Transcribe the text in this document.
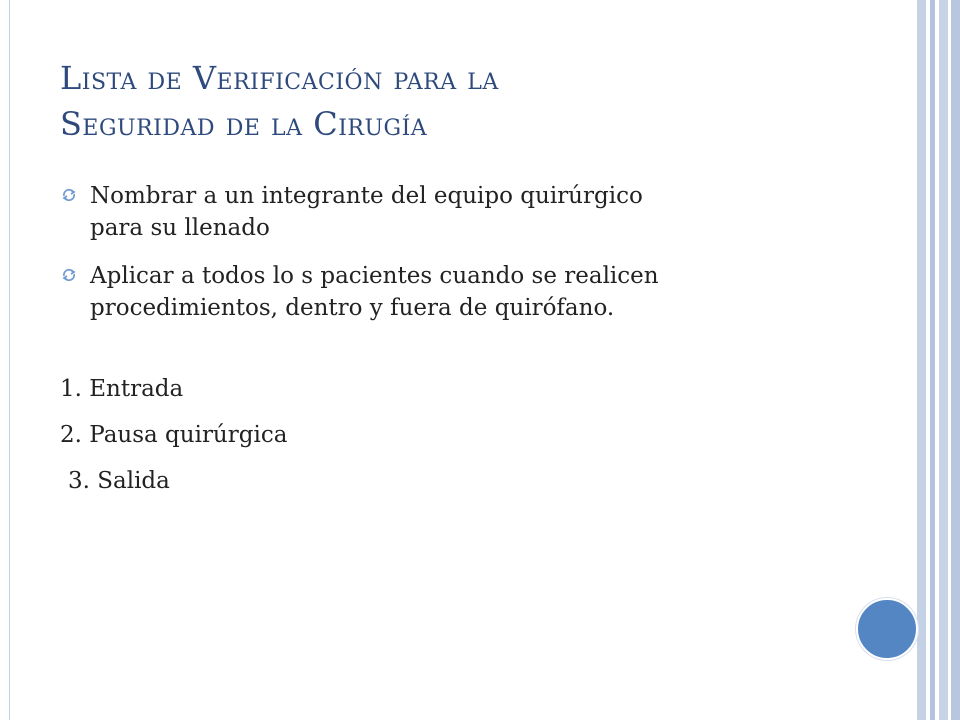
Lista de Verificación para la
Seguridad de la Cirugía
Nombrar a un integrante del equipo quirúrgico
para su llenado
Aplicar a todos lo s pacientes cuando se realicen
procedimientos, dentro y fuera de quirófano.
1. Entrada
2. Pausa quirúrgica
3. Salida
